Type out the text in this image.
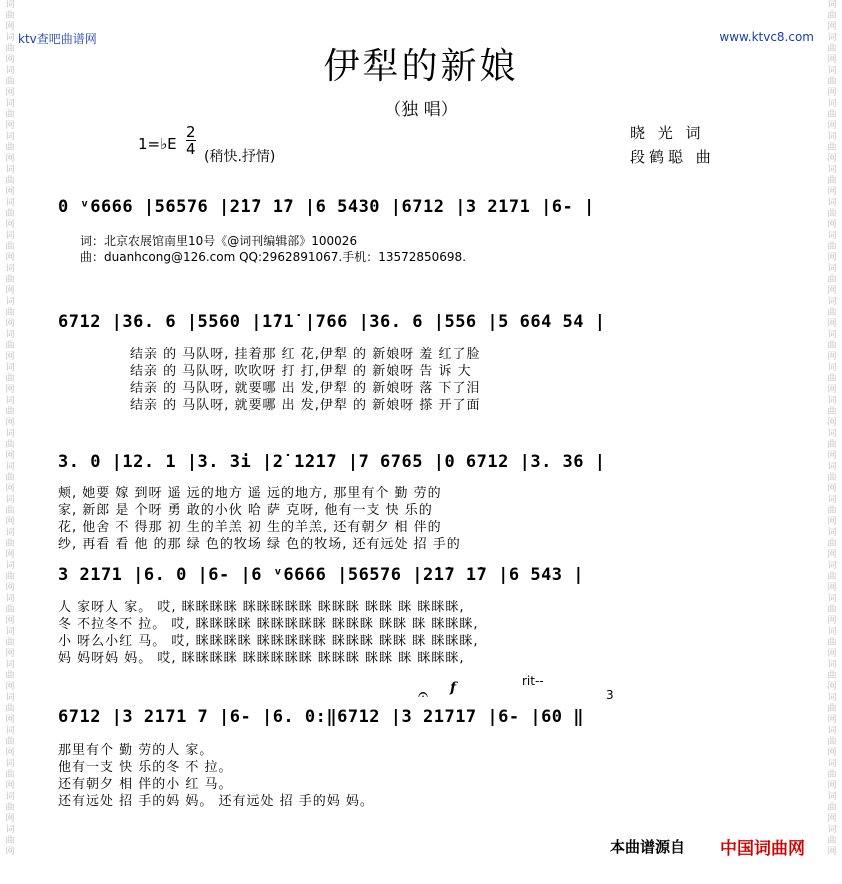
词
曲
网
词
曲
网
词
曲
网
词
曲
网
词
曲
网
词
曲
网
词
曲
网
词
曲
网
词
曲
网
词
曲
网
词
曲
网
词
曲
网
词
曲
网
词
曲
网
词
曲
网
词
曲
网
词
曲
网
词
曲
网
词
曲
网
词
曲
网
词
曲
网
词
曲
网
词
曲
网
词
曲
网
词
曲
网
词
曲
网
词
曲
网
词
曲
网
词
曲
网
词
曲
网
词
曲
网
词
曲
网
词
曲
网
词
曲
网
词
曲
网
词
曲
网
词
曲
网
词
曲
网
词
曲
网
词
曲
网
词
曲
网
词
曲
网
词
曲
网
词
曲
网
词
曲
网
词
曲
网
词
曲
网
词
曲
网
词
曲
网
词
曲
网
词
曲
网
词
曲
网
ktv查吧曲谱网	www.ktvc8.com
伊犁的新娘
（独 唱）
1=♭E $\frac{2}{4}$ (稍快.抒情)
晓 光 词
段鹤聪 曲
0 ᵛ6666 |56576 |2̇1̇7 1̇7 |6 5430 |6712 |3 2171 |6- |
词：北京农展馆南里10号《@词刊编辑部》100026
曲：duanhcong@126.com QQ:2962891067.手机：13572850698.
6712 |36. 6 |5560 |1̇71̇ |766 |36. 6 |556 |5 664 54 |
结亲 的 马队呀, 挂着那 红 花,伊犁 的 新娘呀 羞 红了脸
结亲 的 马队呀, 吹吹呀 打 打,伊犁 的 新娘呀 告 诉 大
结亲 的 马队呀, 就要哪 出 发,伊犁 的 新娘呀 落 下了泪
结亲 的 马队呀, 就要哪 出 发,伊犁 的 新娘呀 搽 开了面
3. 0 |12. 1 |3. 3i |2̇ 1̇2̇1̇7 |7 6765 |0 6712 |3. 36 |
颊, 她要 嫁 到呀 遥 远的地方 遥 远的地方, 那里有个 勤 劳的
家, 新郎 是 个呀 勇 敢的小伙 哈 萨 克呀, 他有一支 快 乐的
花, 他舍 不 得那 初 生的羊羔 初 生的羊羔, 还有朝夕 相 伴的
纱, 再看 看 他 的那 绿 色的牧场 绿 色的牧场, 还有远处 招 手的
3 2171 |6. 0 |6- |6 ᵛ6666 |56576 |2̇1̇7 1̇7 |6 543 |
人 家呀人 家。 哎, 眯眯眯眯 眯眯眯眯眯 眯眯眯 眯眯 眯 眯眯眯,
冬 不拉冬不 拉。 哎, 眯眯眯眯 眯眯眯眯眯 眯眯眯 眯眯 眯 眯眯眯,
小 呀么小红 马。 哎, 眯眯眯眯 眯眯眯眯眯 眯眯眯 眯眯 眯 眯眯眯,
妈 妈呀妈 妈。 哎, 眯眯眯眯 眯眯眯眯眯 眯眯眯 眯眯 眯 眯眯眯,
𝄐 f	rit--
3
6712 |3 2171 7 |6- |6. 0:‖6712 |3 21717 |6- |60 ‖
那里有个 勤 劳的人 家。
他有一支 快 乐的冬 不 拉。
还有朝夕 相 伴的小 红 马。
还有远处 招 手的妈 妈。 还有远处 招 手的妈 妈。
本曲谱源自 中国词曲网
